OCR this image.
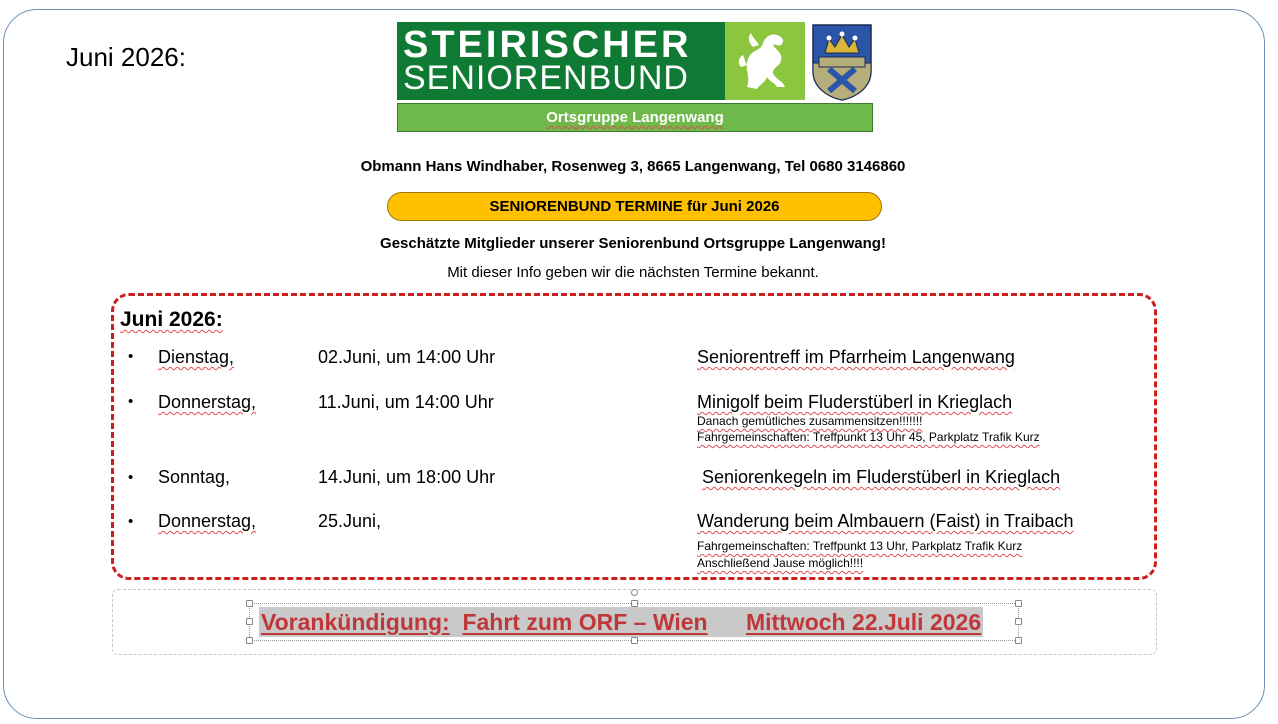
Juni 2026:	STEIRISCHER
SENIORENBUND
Ortsgruppe Langenwang
Obmann Hans Windhaber, Rosenweg 3, 8665 Langenwang, Tel 0680 3146860
SENIORENBUND TERMINE für Juni 2026
Geschätzte Mitglieder unserer Seniorenbund Ortsgruppe Langenwang!
Mit dieser Info geben wir die nächsten Termine bekannt.
Juni 2026:
• Dienstag,	02.Juni, um 14:00 Uhr	Seniorentreff im Pfarrheim Langenwang
• Donnerstag,	11.Juni, um 14:00 Uhr	Minigolf beim Fluderstüberl in Krieglach
Danach gemütliches zusammensitzen!!!!!!!
Fahrgemeinschaften: Treffpunkt 13 Uhr 45, Parkplatz Trafik Kurz
• Sonntag,	14.Juni, um 18:00 Uhr	Seniorenkegeln im Fluderstüberl in Krieglach
• Donnerstag,	25.Juni,	Wanderung beim Almbauern (Faist) in Traibach
Fahrgemeinschaften: Treffpunkt 13 Uhr, Parkplatz Trafik Kurz
Anschließend Jause möglich!!!!
Vorankündigung: Fahrt zum ORF – Wien Mittwoch 22.Juli 2026
